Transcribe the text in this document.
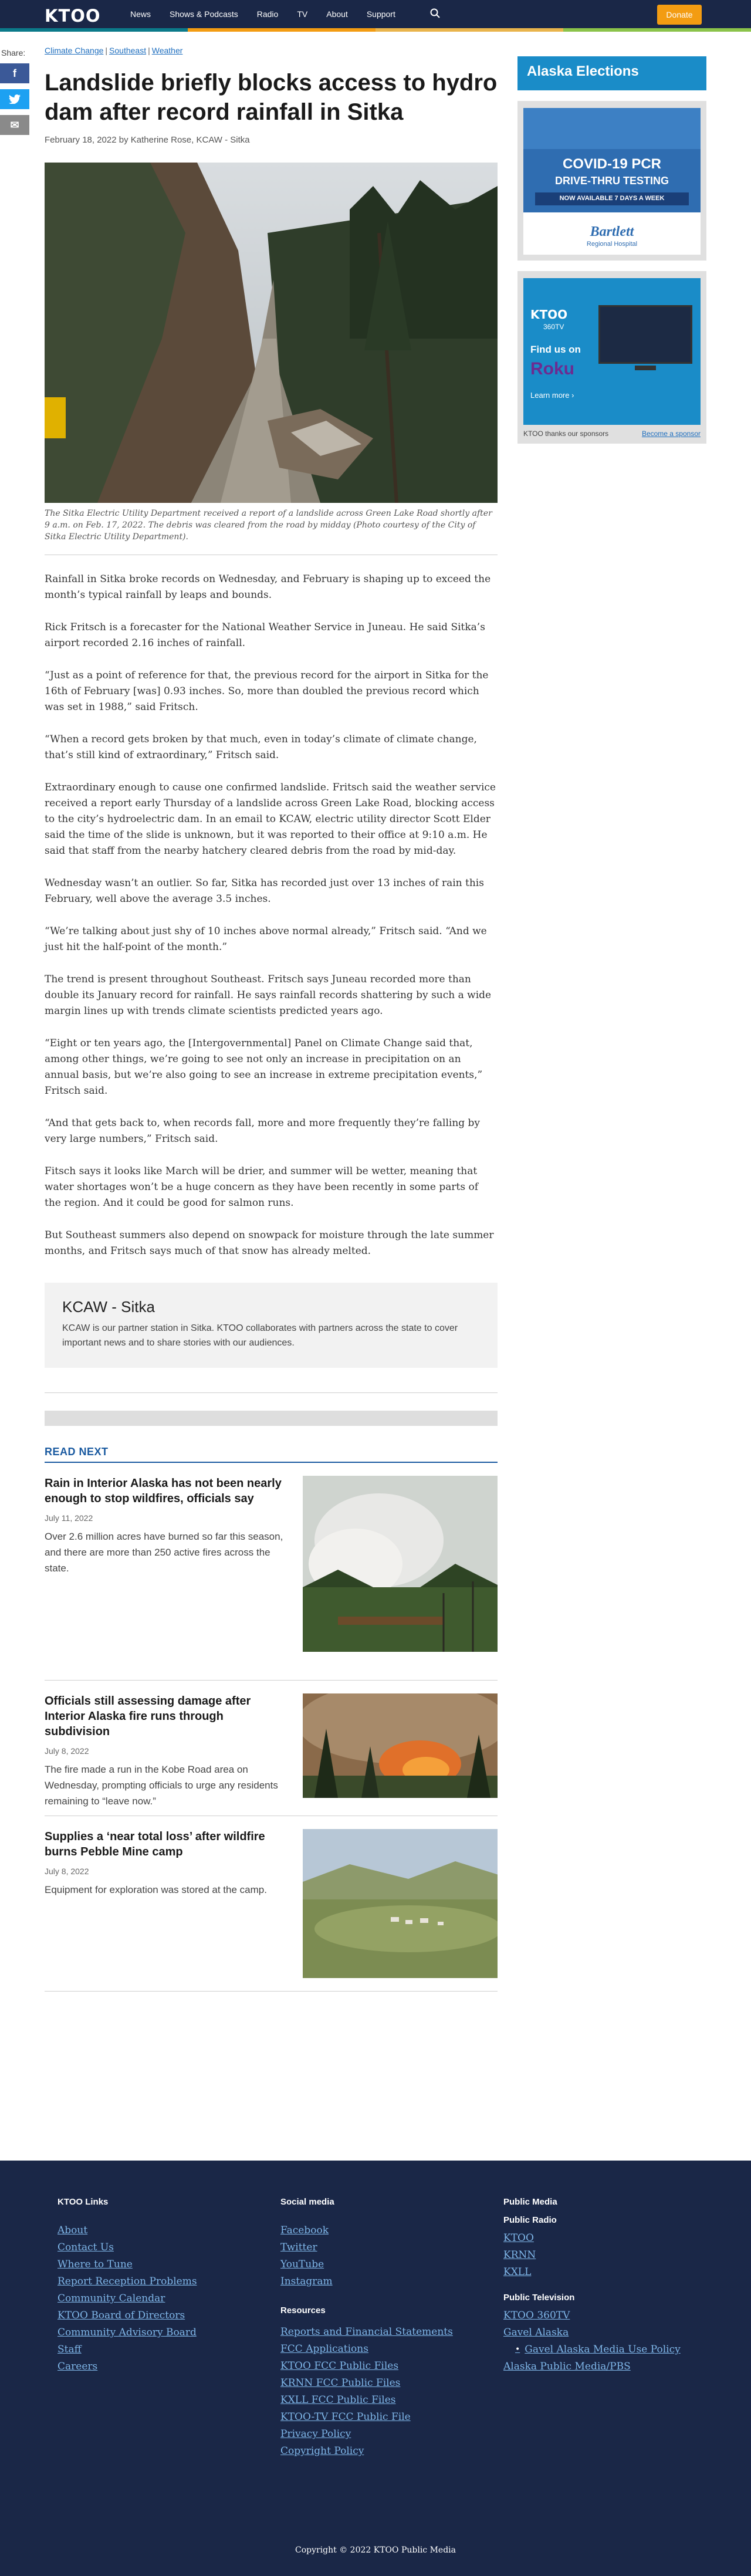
KTOO	News Shows & Podcasts Radio TV About Support	Donate
Share:
f
✉
Climate Change | Southeast | Weather
Landslide briefly blocks access to hydro dam after record rainfall in Sitka
February 18, 2022 by Katherine Rose, KCAW - Sitka

The Sitka Electric Utility Department received a report of a landslide across Green Lake Road shortly after 9 a.m. on Feb. 17, 2022. The debris was cleared from the road by midday (Photo courtesy of the City of Sitka Electric Utility Department).

Rainfall in Sitka broke records on Wednesday, and February is shaping up to exceed the month’s typical rainfall by leaps and bounds.

Rick Fritsch is a forecaster for the National Weather Service in Juneau. He said Sitka’s airport recorded 2.16 inches of rainfall.

“Just as a point of reference for that, the previous record for the airport in Sitka for the 16th of February [was] 0.93 inches. So, more than doubled the previous record which was set in 1988,” said Fritsch.

“When a record gets broken by that much, even in today’s climate of climate change, that’s still kind of extraordinary,” Fritsch said.

Extraordinary enough to cause one confirmed landslide. Fritsch said the weather service received a report early Thursday of a landslide across Green Lake Road, blocking access to the city’s hydroelectric dam. In an email to KCAW, electric utility director Scott Elder said the time of the slide is unknown, but it was reported to their office at 9:10 a.m. He said that staff from the nearby hatchery cleared debris from the road by mid-day.

Wednesday wasn’t an outlier. So far, Sitka has recorded just over 13 inches of rain this February, well above the average 3.5 inches.

“We’re talking about just shy of 10 inches above normal already,” Fritsch said. “And we just hit the half-point of the month.”

The trend is present throughout Southeast. Fritsch says Juneau recorded more than double its January record for rainfall. He says rainfall records shattering by such a wide margin lines up with trends climate scientists predicted years ago.

“Eight or ten years ago, the [Intergovernmental] Panel on Climate Change said that, among other things, we’re going to see not only an increase in precipitation on an annual basis, but we’re also going to see an increase in extreme precipitation events,” Fritsch said.

“And that gets back to, when records fall, more and more frequently they’re falling by very large numbers,” Fritsch said.

Fitsch says it looks like March will be drier, and summer will be wetter, meaning that water shortages won’t be a huge concern as they have been recently in some parts of the region. And it could be good for salmon runs.

But Southeast summers also depend on snowpack for moisture through the late summer months, and Fritsch says much of that snow has already melted.

KCAW - Sitka

KCAW is our partner station in Sitka. KTOO collaborates with partners across the state to cover important news and to share stories with our audiences.

READ NEXT
Rain in Interior Alaska has not been nearly enough to stop wildfires, officials say
July 11, 2022
Over 2.6 million acres have burned so far this season, and there are more than 250 active fires across the state.
Officials still assessing damage after Interior Alaska fire runs through subdivision
July 8, 2022
The fire made a run in the Kobe Road area on Wednesday, prompting officials to urge any residents remaining to “leave now.”
Supplies a ‘near total loss’ after wildfire burns Pebble Mine camp
July 8, 2022
Equipment for exploration was stored at the camp.
Alaska Elections
COVID-19 PCR
DRIVE-THRU TESTING
NOW AVAILABLE 7 DAYS A WEEK
Bartlett
Regional Hospital
KTOO
360TV
Find us on
Roku
Learn more ›
KTOO thanks our sponsors	Become a sponsor
KTOO Links
About
Contact Us
Where to Tune
Report Reception Problems
Community Calendar
KTOO Board of Directors
Community Advisory Board
Staff
Careers
Social media
Facebook
Twitter
YouTube
Instagram
Resources
Reports and Financial Statements
FCC Applications
KTOO FCC Public Files
KRNN FCC Public Files
KXLL FCC Public Files
KTOO-TV FCC Public File
Privacy Policy
Copyright Policy
Public Media
Public Radio
KTOO
KRNN
KXLL
Public Television
KTOO 360TV
Gavel Alaska
• Gavel Alaska Media Use Policy
Alaska Public Media/PBS
Copyright © 2022 KTOO Public Media
